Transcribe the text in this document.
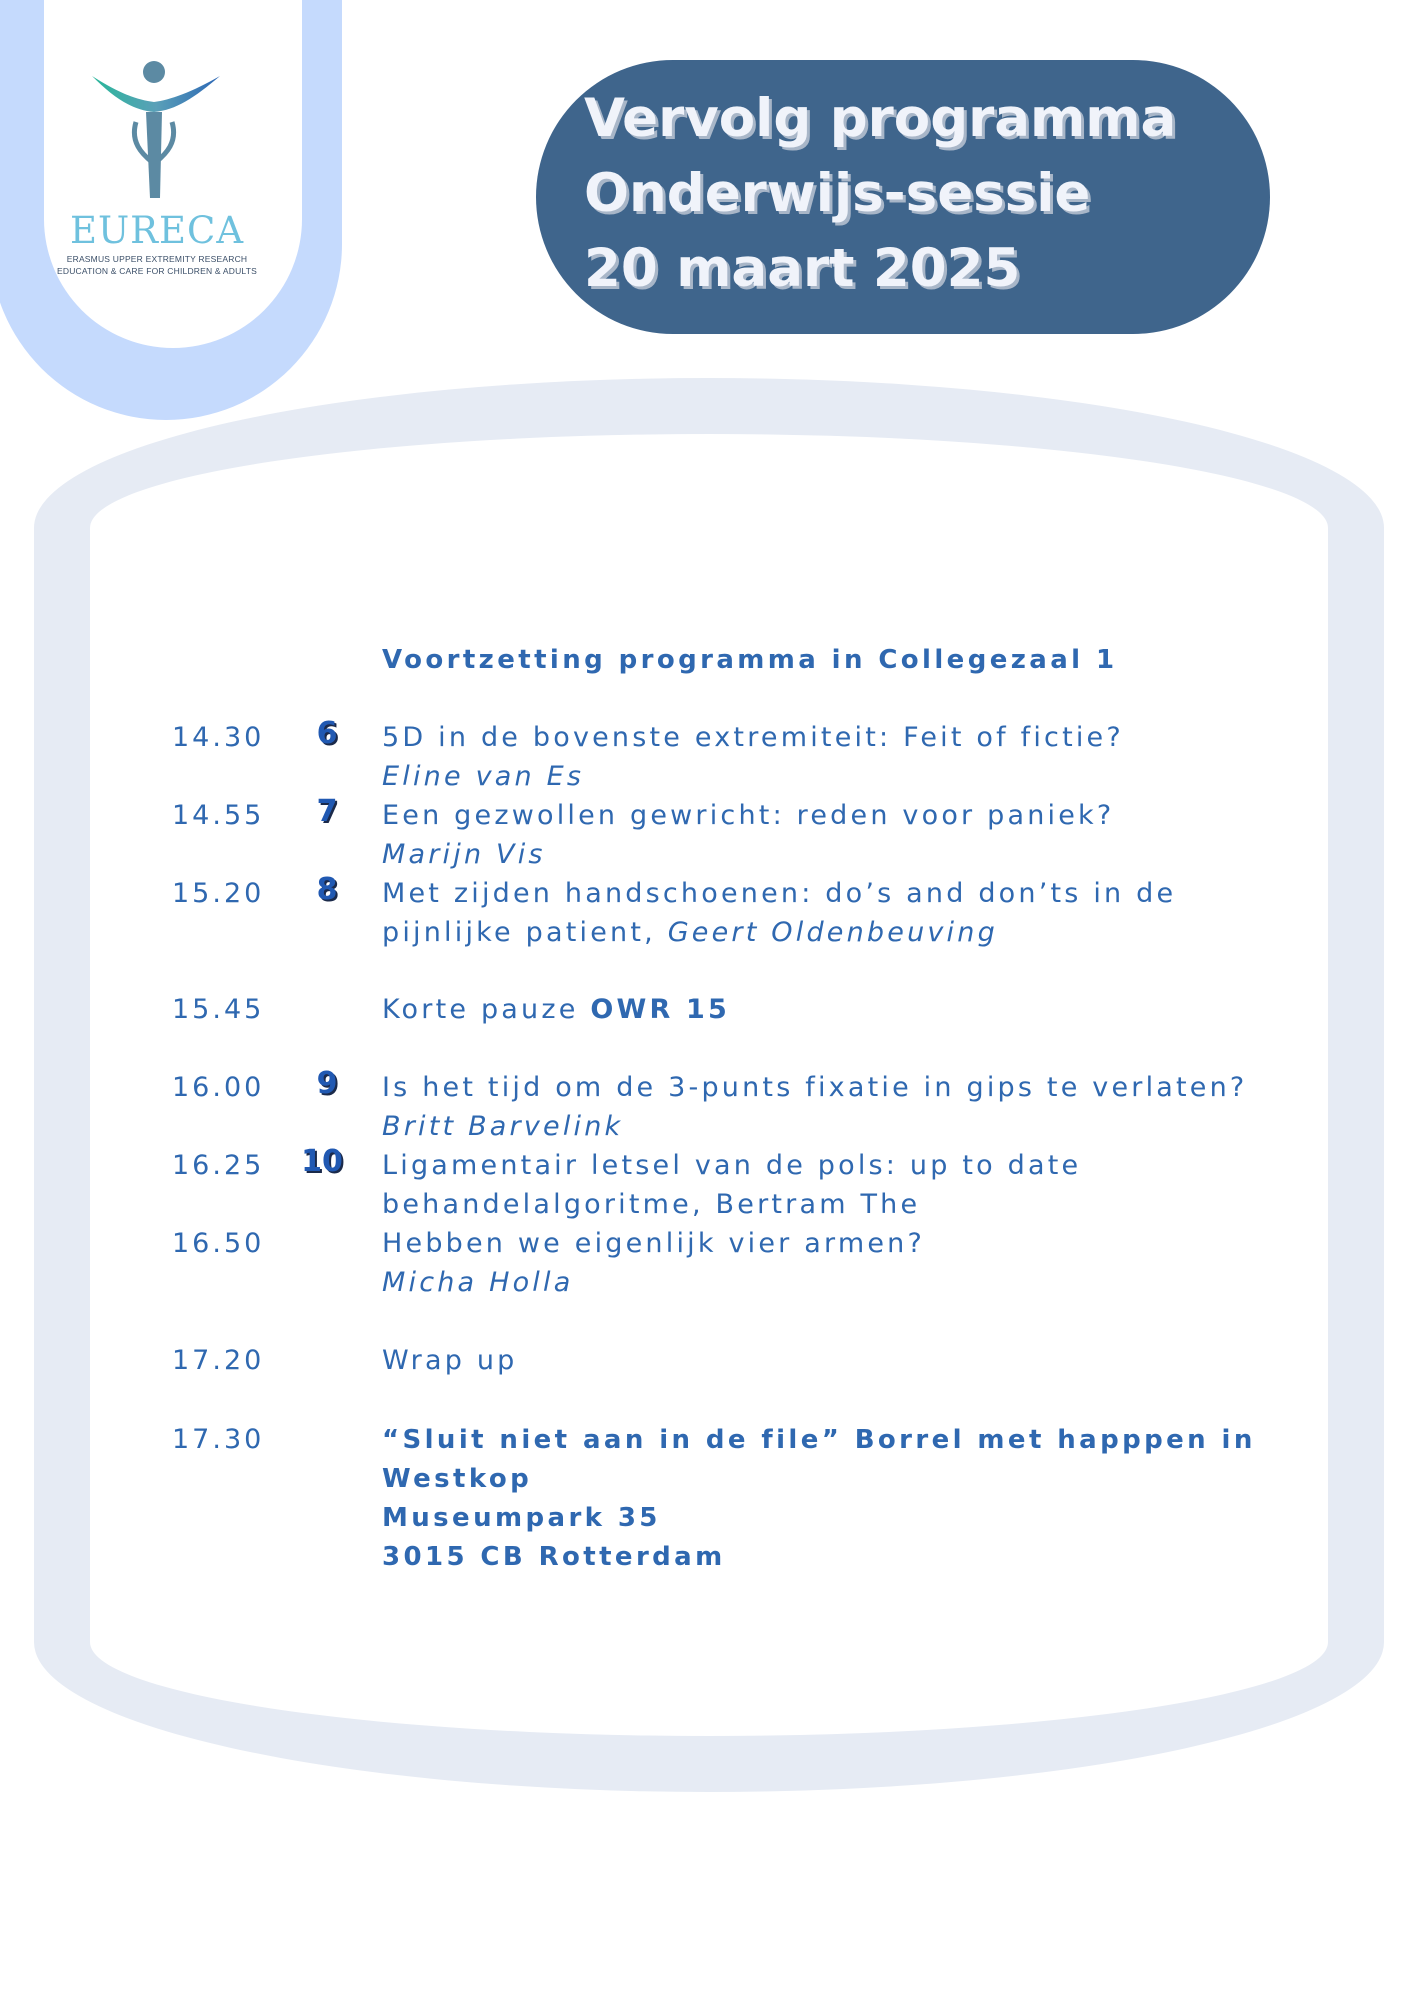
EURECA
ERASMUS UPPER EXTREMITY RESEARCH
EDUCATION & CARE FOR CHILDREN & ADULTS
Vervolg programma
Onderwijs-sessie
20 maart 2025
Voortzetting programma in Collegezaal 1
14.30	6	5D in de bovenste extremiteit: Feit of fictie?
Eline van Es
14.55	7	Een gezwollen gewricht: reden voor paniek?
Marijn Vis
15.20	8	Met zijden handschoenen: do’s and don’ts in de
pijnlijke patient, Geert Oldenbeuving
15.45	Korte pauze OWR 15
16.00	9	Is het tijd om de 3-punts fixatie in gips te verlaten?
Britt Barvelink
16.25	10	Ligamentair letsel van de pols: up to date
behandelalgoritme, Bertram The
16.50	Hebben we eigenlijk vier armen?
Micha Holla
17.20	Wrap up
17.30	“Sluit niet aan in de file” Borrel met happpen in
Westkop
Museumpark 35
3015 CB Rotterdam
